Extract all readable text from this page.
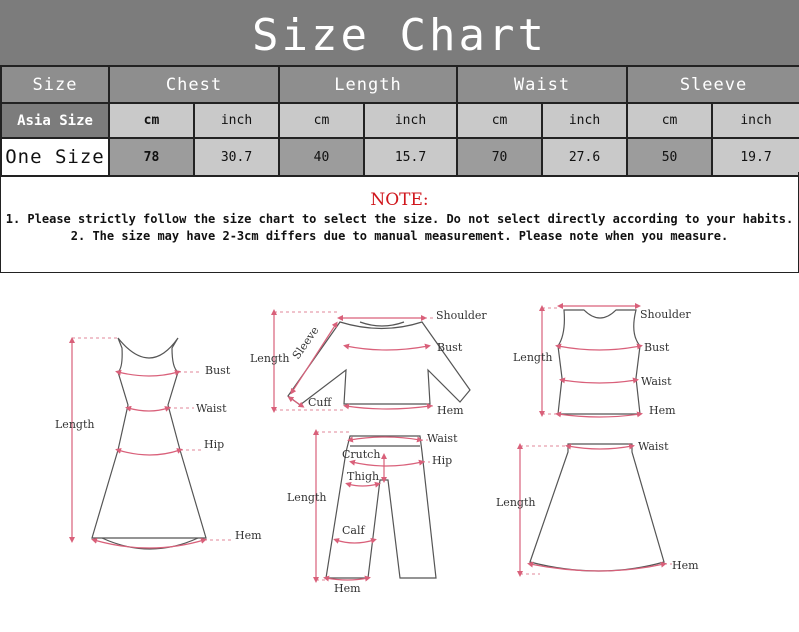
Size Chart
Size	Chest		Length		Waist		Sleeve	
Asia Size	cm	inch	cm	inch	cm	inch	cm	inch
One Size	78	30.7	40	15.7	70	27.6	50	19.7
NOTE:
1. Please strictly follow the size chart to select the size. Do not select directly according to your habits.
2. The size may have 2-3cm differs due to manual measurement. Please note when you measure.
Bust
Waist
Hip
Length
Hem
Shoulder
Length Sleeve	Bust
Cuff
Hem
Shoulder
Length
Bust
Waist
Hem
Waist
Crutch	Hip
Thigh
Length
Calf
Hem
Waist
Length
Hem
